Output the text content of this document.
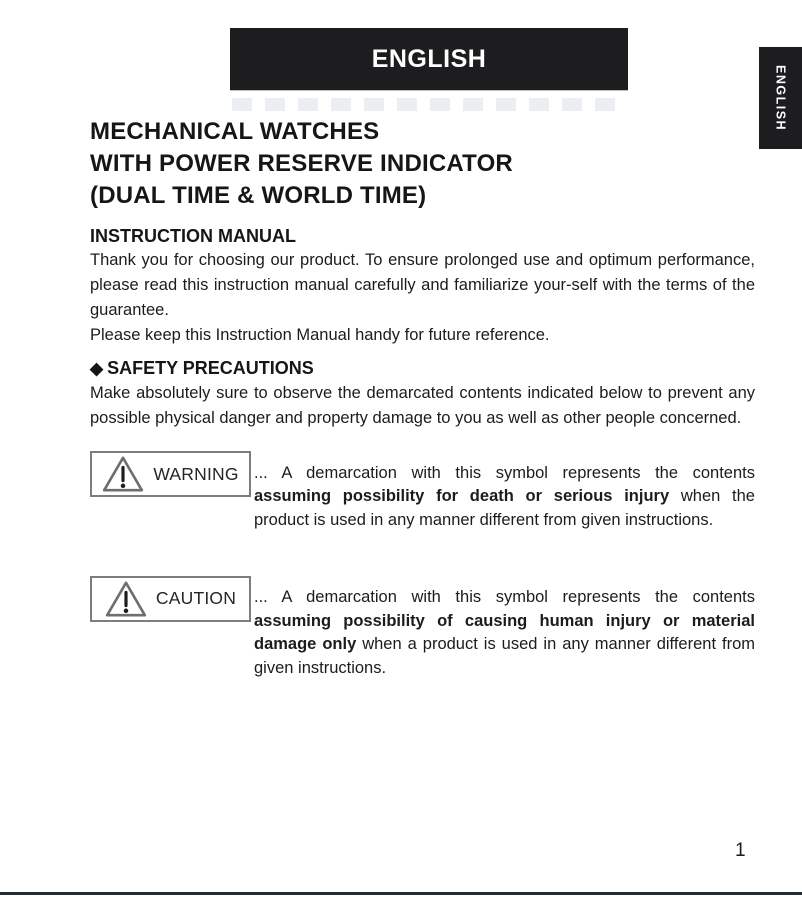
ENGLISH
ENGLISH
MECHANICAL WATCHES
WITH POWER RESERVE INDICATOR
(DUAL TIME & WORLD TIME)
INSTRUCTION MANUAL

Thank you for choosing our product. To ensure prolonged use and optimum performance, please read this instruction manual carefully and familiarize your-self with the terms of the guarantee.

Please keep this Instruction Manual handy for future reference.

◆ SAFETY PRECAUTIONS

Make absolutely sure to observe the demarcated contents indicated below to prevent any possible physical danger and property damage to you as well as other people concerned.

WARNING ... A demarcation with this symbol represents the contents assuming possibility for death or serious injury when the product is used in any manner different from given instructions.

CAUTION ... A demarcation with this symbol represents the contents assuming possibility of causing human injury or material damage only when a product is used in any manner different from given instructions.

1
